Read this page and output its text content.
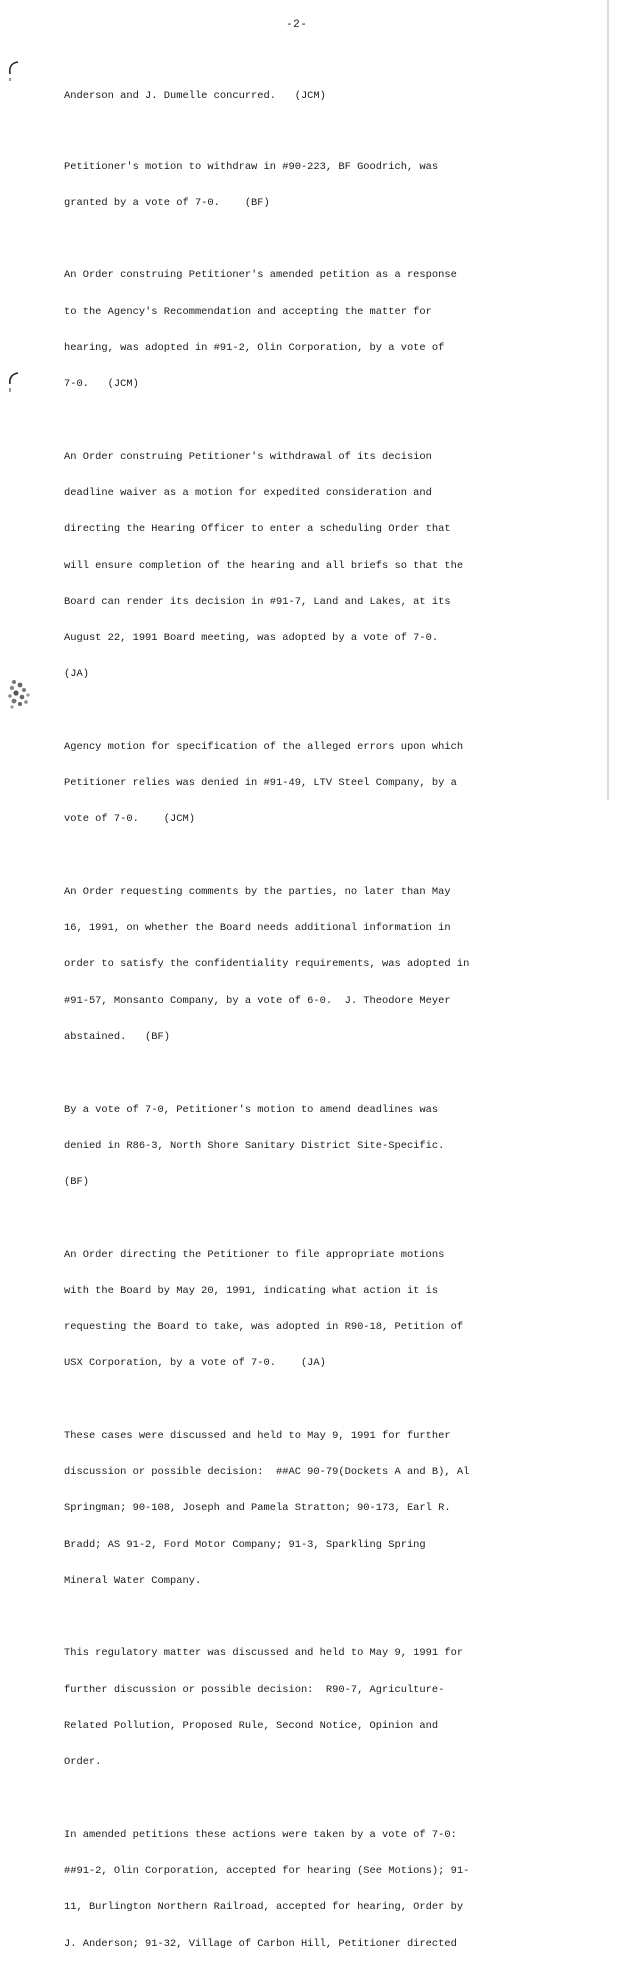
-2-

Anderson and J. Dumelle concurred.   (JCM)

Petitioner's motion to withdraw in #90-223, BF Goodrich, was

granted by a vote of 7-0.    (BF)

An Order construing Petitioner's amended petition as a response

to the Agency's Recommendation and accepting the matter for

hearing, was adopted in #91-2, Olin Corporation, by a vote of

7-0.   (JCM)

An Order construing Petitioner's withdrawal of its decision

deadline waiver as a motion for expedited consideration and

directing the Hearing Officer to enter a scheduling Order that

will ensure completion of the hearing and all briefs so that the

Board can render its decision in #91-7, Land and Lakes, at its

August 22, 1991 Board meeting, was adopted by a vote of 7-0.

(JA)

Agency motion for specification of the alleged errors upon which

Petitioner relies was denied in #91-49, LTV Steel Company, by a

vote of 7-0.    (JCM)

An Order requesting comments by the parties, no later than May

16, 1991, on whether the Board needs additional information in

order to satisfy the confidentiality requirements, was adopted in

#91-57, Monsanto Company, by a vote of 6-0.  J. Theodore Meyer

abstained.   (BF)

By a vote of 7-0, Petitioner's motion to amend deadlines was

denied in R86-3, North Shore Sanitary District Site-Specific.

(BF)

An Order directing the Petitioner to file appropriate motions

with the Board by May 20, 1991, indicating what action it is

requesting the Board to take, was adopted in R90-18, Petition of

USX Corporation, by a vote of 7-0.    (JA)

These cases were discussed and held to May 9, 1991 for further

discussion or possible decision:  ##AC 90-79(Dockets A and B), Al

Springman; 90-108, Joseph and Pamela Stratton; 90-173, Earl R.

Bradd; AS 91-2, Ford Motor Company; 91-3, Sparkling Spring

Mineral Water Company.

This regulatory matter was discussed and held to May 9, 1991 for

further discussion or possible decision:  R90-7, Agriculture-

Related Pollution, Proposed Rule, Second Notice, Opinion and

Order.

In amended petitions these actions were taken by a vote of 7-0:

##91-2, Olin Corporation, accepted for hearing (See Motions); 91-

11, Burlington Northern Railroad, accepted for hearing, Order by

J. Anderson; 91-32, Village of Carbon Hill, Petitioner directed
